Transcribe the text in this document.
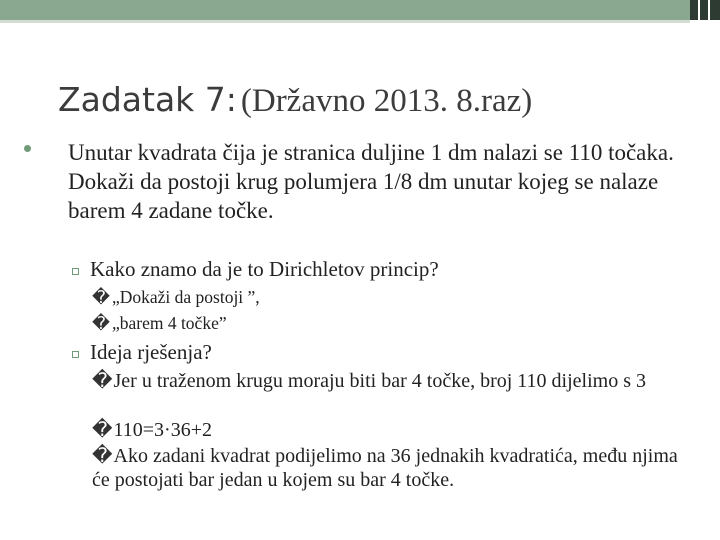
Zadatak 7: (Državno 2013. 8.raz)
Unutar kvadrata čija je stranica duljine 1 dm nalazi se 110 točaka. Dokaži da postoji krug polumjera 1/8 dm unutar kojeg se nalaze barem 4 zadane točke.
Kako znamo da je to Dirichletov princip?
� „Dokaži da postoji ”,
� „barem 4 točke”
Ideja rješenja?
�Jer u traženom krugu moraju biti bar 4 točke, broj 110 dijelimo s 3
�110=3·36+2
�Ako zadani kvadrat podijelimo na 36 jednakih kvadratića, među njima će postojati bar jedan u kojem su bar 4 točke.
